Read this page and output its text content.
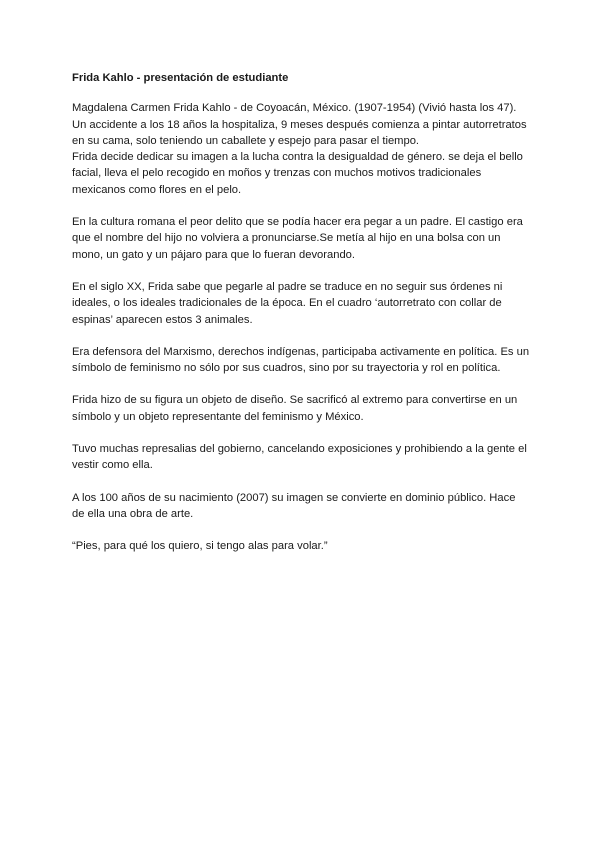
Frida Kahlo - presentación de estudiante
Magdalena Carmen Frida Kahlo - de Coyoacán, México. (1907-1954) (Vivió hasta los 47).
Un accidente a los 18 años la hospitaliza, 9 meses después comienza a pintar autorretratos
en su cama, solo teniendo un caballete y espejo para pasar el tiempo.
Frida decide dedicar su imagen a la lucha contra la desigualdad de género. se deja el bello
facial, lleva el pelo recogido en moños y trenzas con muchos motivos tradicionales
mexicanos como flores en el pelo.
En la cultura romana el peor delito que se podía hacer era pegar a un padre. El castigo era
que el nombre del hijo no volviera a pronunciarse.Se metía al hijo en una bolsa con un
mono, un gato y un pájaro para que lo fueran devorando.
En el siglo XX, Frida sabe que pegarle al padre se traduce en no seguir sus órdenes ni
ideales, o los ideales tradicionales de la época. En el cuadro ‘autorretrato con collar de
espinas’ aparecen estos 3 animales.
Era defensora del Marxismo, derechos indígenas, participaba activamente en política. Es un
símbolo de feminismo no sólo por sus cuadros, sino por su trayectoria y rol en política.
Frida hizo de su figura un objeto de diseño. Se sacrificó al extremo para convertirse en un
símbolo y un objeto representante del feminismo y México.
Tuvo muchas represalias del gobierno, cancelando exposiciones y prohibiendo a la gente el
vestir como ella.
A los 100 años de su nacimiento (2007) su imagen se convierte en dominio público. Hace
de ella una obra de arte.
“Pies, para qué los quiero, si tengo alas para volar.”
